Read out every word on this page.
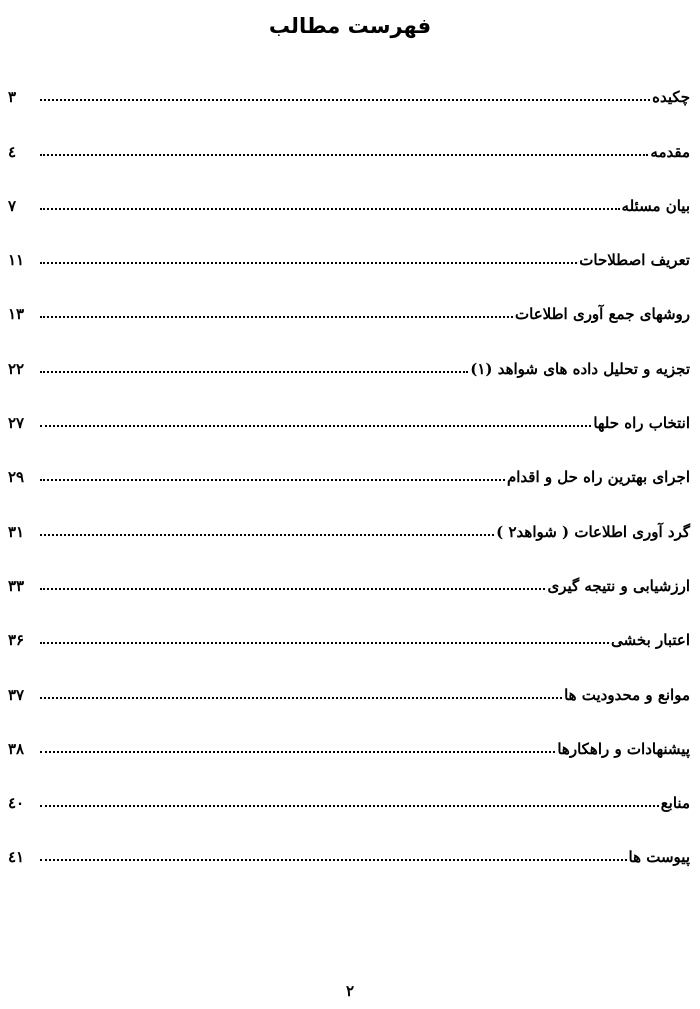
فهرست مطالب
چکیده
۳
مقدمه
٤
بیان مسئله
۷
تعریف اصطلاحات
۱۱
روشهای جمع آوری اطلاعات
۱۳
تجزیه و تحلیل داده های شواهد (۱)
۲۲
انتخاب راه حلها
۲۷
اجرای بهترین راه حل و اقدام
۲۹
گرد آوری اطلاعات ( شواهد۲ )
۳۱
ارزشیابی و نتیجه گیری
۳۳
اعتبار بخشی
۳۶
موانع و محدودیت ها
۳۷
پیشنهادات و راهکارها
۳۸
منابع
٤۰
پیوست ها
٤۱
۲
